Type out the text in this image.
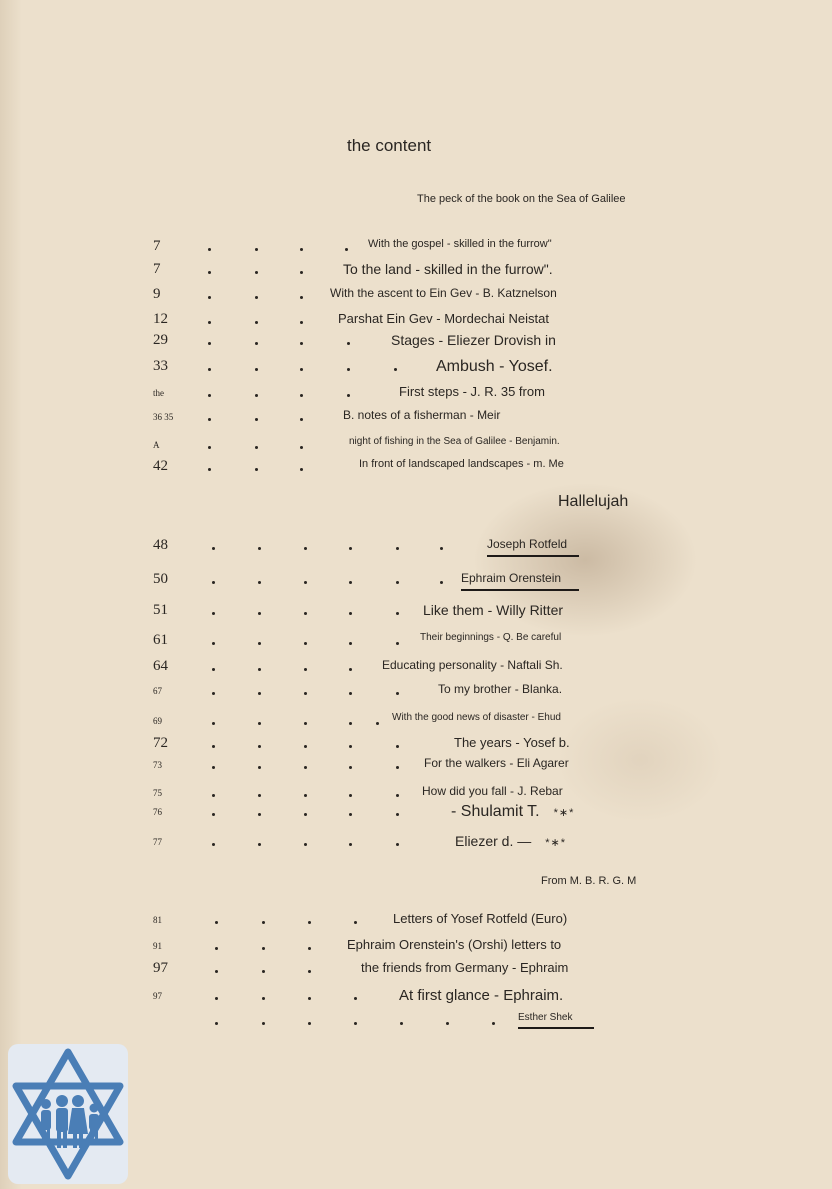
the content
The peck of the book on the Sea of Galilee
7	With the gospel - skilled in the furrow"
7	To the land - skilled in the furrow".
9	With the ascent to Ein Gev - B. Katznelson
12	Parshat Ein Gev - Mordechai Neistat
29	Stages - Eliezer Drovish in
33	Ambush - Yosef.
the	First steps - J. R. 35 from
36 35	B. notes of a fisherman - Meir
A	night of fishing in the Sea of Galilee - Benjamin.
42	In front of landscaped landscapes - m. Me
48	Joseph Rotfeld
50	Ephraim Orenstein
51	Like them - Willy Ritter
61	Their beginnings - Q. Be careful
64	Educating personality - Naftali Sh.
67	To my brother - Blanka.
69	With the good news of disaster - Ehud
72	The years - Yosef b.
73	For the walkers - Eli Agarer
75	How did you fall - J. Rebar
76	- Shulamit T. *∗*
77	Eliezer d. — *∗*
81	Letters of Yosef Rotfeld (Euro)
91	Ephraim Orenstein's (Orshi) letters to
97	the friends from Germany - Ephraim
97	At first glance - Ephraim.
Esther Shek
Hallelujah
From M. B. R. G. M
